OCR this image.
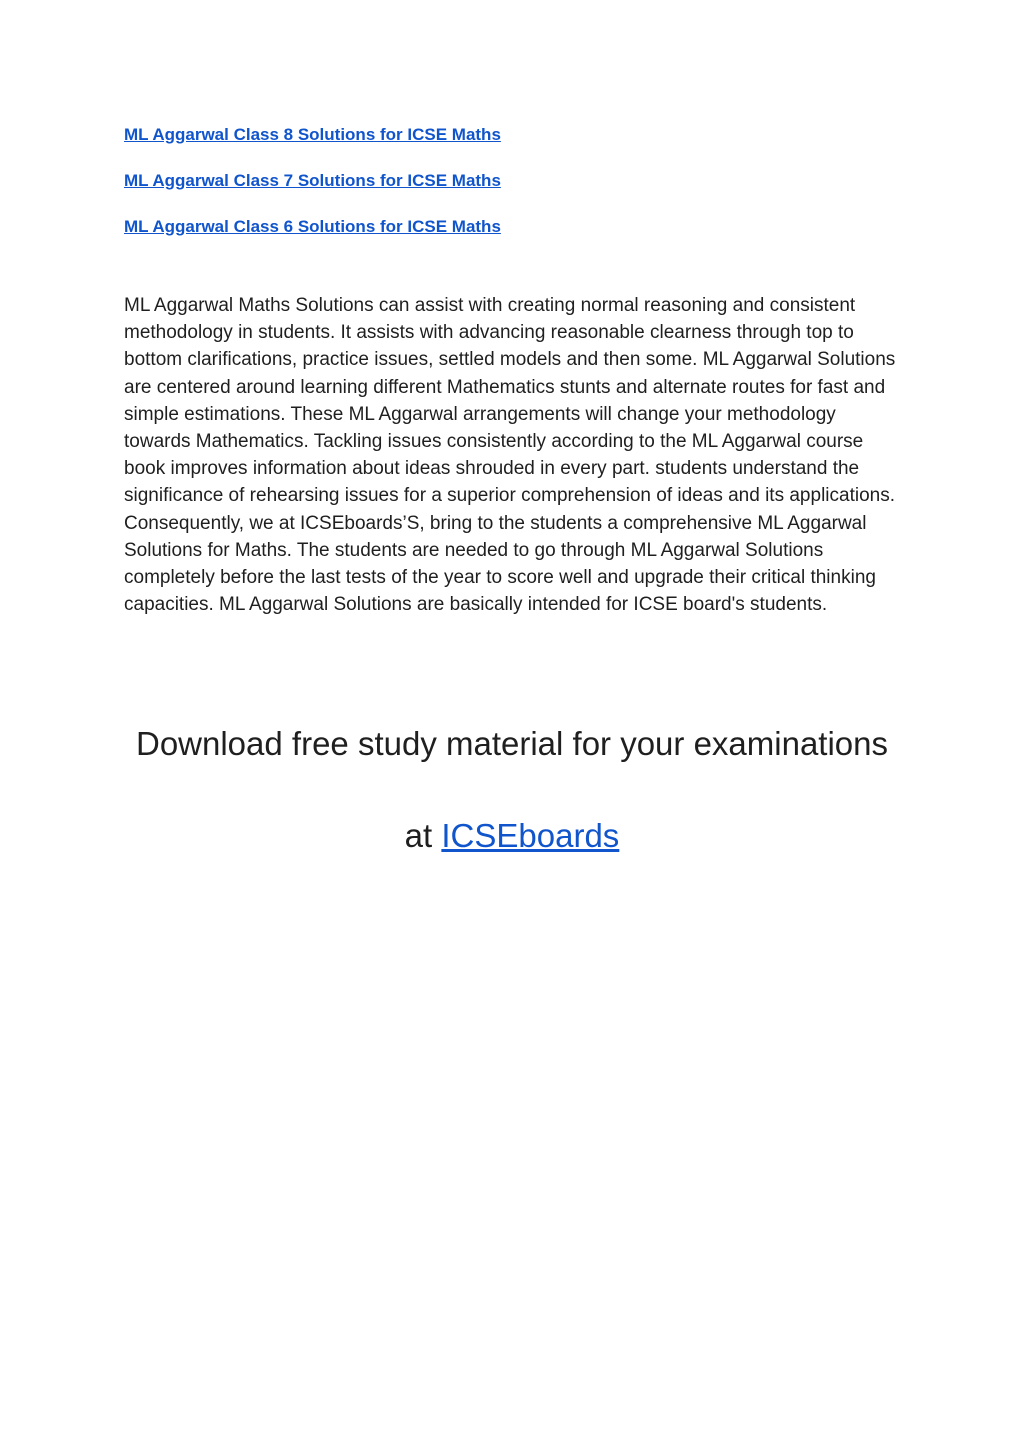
ML Aggarwal Class 8 Solutions for ICSE Maths
ML Aggarwal Class 7 Solutions for ICSE Maths
ML Aggarwal Class 6 Solutions for ICSE Maths

ML Aggarwal Maths Solutions can assist with creating normal reasoning and consistent methodology in students. It assists with advancing reasonable clearness through top to bottom clarifications, practice issues, settled models and then some. ML Aggarwal Solutions are centered around learning different Mathematics stunts and alternate routes for fast and simple estimations. These ML Aggarwal arrangements will change your methodology towards Mathematics. Tackling issues consistently according to the ML Aggarwal course book improves information about ideas shrouded in every part. students understand the significance of rehearsing issues for a superior comprehension of ideas and its applications. Consequently, we at ICSEboards’S, bring to the students a comprehensive ML Aggarwal Solutions for Maths. The students are needed to go through ML Aggarwal Solutions completely before the last tests of the year to score well and upgrade their critical thinking capacities. ML Aggarwal Solutions are basically intended for ICSE board's students.

Download free study material for your examinations

at ICSEboards
